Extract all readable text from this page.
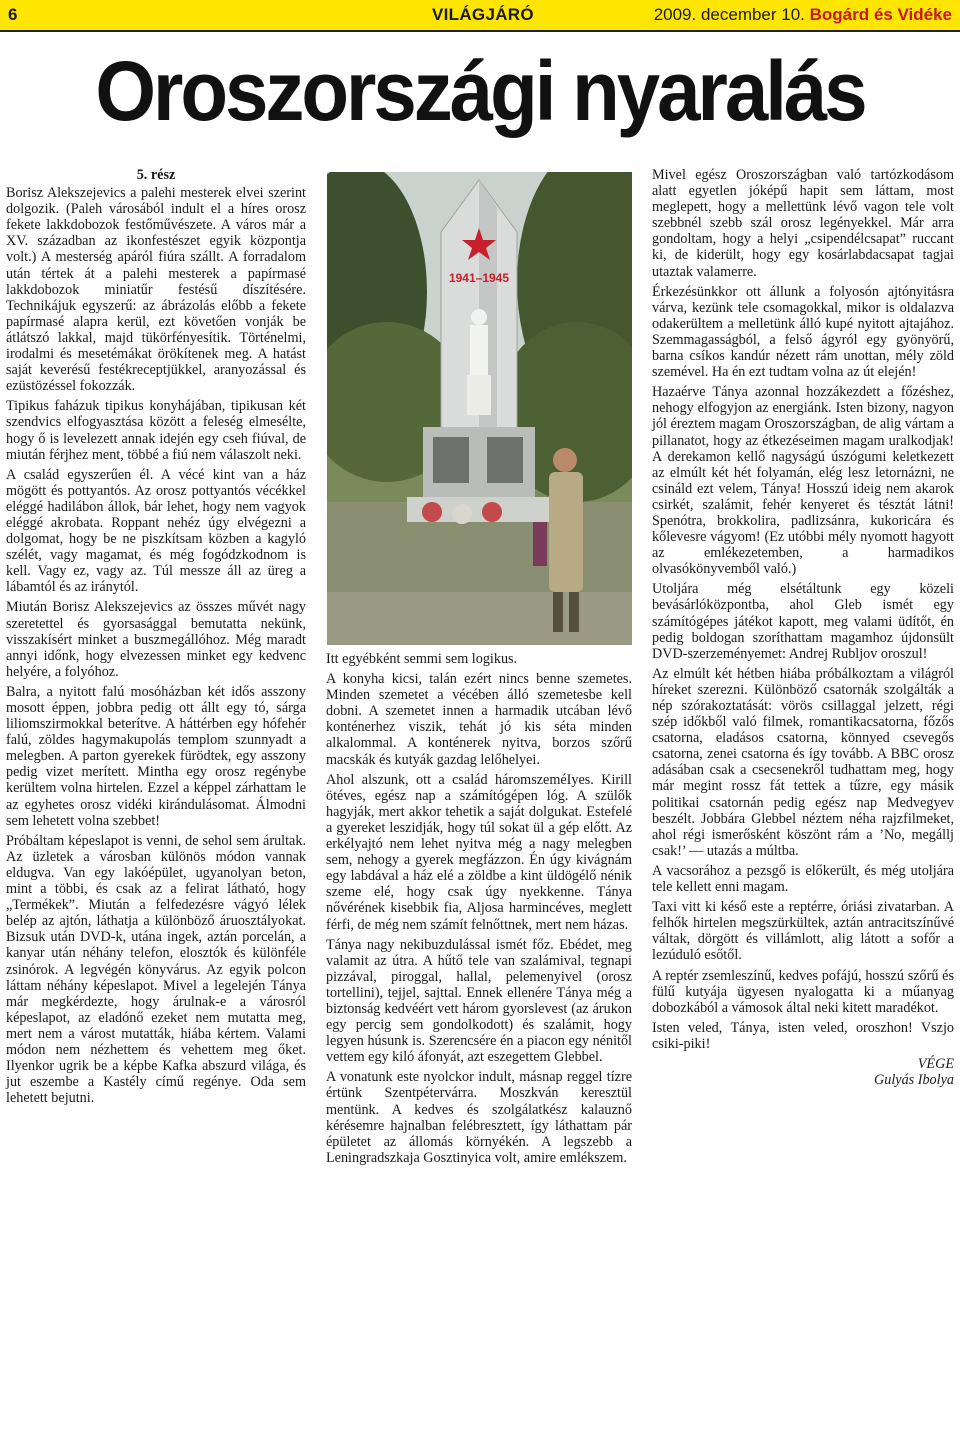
6	VILÁGJÁRÓ	2009. december 10. Bogárd és Vidéke
Oroszországi nyaralás
5. rész

Borisz Alekszejevics a palehi mesterek elvei szerint dolgozik. (Paleh városából indult el a híres orosz fekete lakkdobozok festőművészete. A város már a XV. században az ikonfestészet egyik központja volt.) A mesterség apáról fiúra szállt. A forradalom után tértek át a palehi mesterek a papírmasé lakkdobozok miniatűr festésű díszítésére. Technikájuk egyszerű: az ábrázolás előbb a fekete papírmasé alapra kerül, ezt követően vonják be átlátszó lakkal, majd tükörfényesítik. Történelmi, irodalmi és mesetémákat örökítenek meg. A hatást saját keverésű festékreceptjükkel, aranyozással és ezüstözéssel fokozzák.

Tipikus faházuk tipikus konyhájában, tipikusan két szendvics elfogyasztása között a feleség elmesélte, hogy ő is levelezett annak idején egy cseh fiúval, de miután férjhez ment, többé a fiú nem válaszolt neki.

A család egyszerűen él. A vécé kint van a ház mögött és pottyantós. Az orosz pottyantós vécékkel eléggé hadilábon állok, bár lehet, hogy nem vagyok eléggé akrobata. Roppant nehéz úgy elvégezni a dolgomat, hogy be ne piszkítsam közben a kagyló szélét, vagy magamat, és még fogódzkodnom is kell. Vagy ez, vagy az. Túl messze áll az üreg a lábamtól és az iránytól.

Miután Borisz Alekszejevics az összes művét nagy szeretettel és gyorsasággal bemutatta nekünk, visszakísért minket a buszmegállóhoz. Még maradt annyi időnk, hogy elvezessen minket egy kedvenc helyére, a folyóhoz.

Balra, a nyitott falú mosóházban két idős asszony mosott éppen, jobbra pedig ott állt egy tó, sárga liliomszirmokkal beterítve. A háttérben egy hófehér falú, zöldes hagymakupolás templom szunnyadt a melegben. A parton gyerekek fürödtek, egy asszony pedig vizet merített. Mintha egy orosz regénybe kerültem volna hirtelen. Ezzel a képpel zárhattam le az egyhetes orosz vidéki kirándulásomat. Álmodni sem lehetett volna szebbet!

Próbáltam képeslapot is venni, de sehol sem árultak. Az üzletek a városban különös módon vannak eldugva. Van egy lakóépület, ugyanolyan beton, mint a többi, és csak az a felirat látható, hogy „Termékek”. Miután a felfedezésre vágyó lélek belép az ajtón, láthatja a különböző áruosztályokat. Bizsuk után DVD-k, utána ingek, aztán porcelán, a kanyar után néhány telefon, elosztók és különféle zsinórok. A legvégén könyvárus. Az egyik polcon láttam néhány képeslapot. Mivel a legelején Tánya már megkérdezte, hogy árulnak-e a városról képeslapot, az eladónő ezeket nem mutatta meg, mert nem a várost mutatták, hiába kértem. Valami módon nem nézhettem és vehettem meg őket. Ilyenkor ugrik be a képbe Kafka abszurd világa, és jut eszembe a Kastély című regénye. Oda sem lehetett bejutni.

1941–1945

Itt egyébként semmi sem logikus.

A konyha kicsi, talán ezért nincs benne szemetes. Minden szemetet a vécében álló szemetesbe kell dobni. A szemetet innen a harmadik utcában lévő konténerhez viszik, tehát jó kis séta minden alkalommal. A konténerek nyitva, borzos szőrű macskák és kutyák gazdag lelőhelyei.

Ahol alszunk, ott a család háromszeméIyes. Kirill ötéves, egész nap a számítógépen lóg. A szülők hagyják, mert akkor tehetik a saját dolgukat. Estefelé a gyereket leszidják, hogy túl sokat ül a gép előtt. Az erkélyajtó nem lehet nyitva még a nagy melegben sem, nehogy a gyerek megfázzon. Én úgy kivágnám egy labdával a ház elé a zöldbe a kint üldögélő nénik szeme elé, hogy csak úgy nyekkenne. Tánya nővérének kisebbik fia, Aljosa harmincéves, meglett férfi, de még nem számít felnőttnek, mert nem házas.

Tánya nagy nekibuzdulással ismét főz. Ebédet, meg valamit az útra. A hűtő tele van szalámival, tegnapi pizzával, piroggal, hallal, pelemenyivel (orosz tortellini), tejjel, sajttal. Ennek ellenére Tánya még a biztonság kedvéért vett három gyorslevest (az árukon egy percig sem gondolkodott) és szalámit, hogy legyen húsunk is. Szerencsére én a piacon egy nénitől vettem egy kiló áfonyát, azt eszegettem Glebbel.

A vonatunk este nyolckor indult, másnap reggel tízre értünk Szentpétervárra. Moszkván keresztül mentünk. A kedves és szolgálatkész kalauznő kérésemre hajnalban felébresztett, így láthattam pár épületet az állomás környékén. A legszebb a Leningradszkaja Gosztinyica volt, amire emlékszem.

Mivel egész Oroszországban való tartózkodásom alatt egyetlen jóképű hapit sem láttam, most meglepett, hogy a mellettünk lévő vagon tele volt szebbnél szebb szál orosz legényekkel. Már arra gondoltam, hogy a helyi „csipendélcsapat” ruccant ki, de kiderült, hogy egy kosárlabdacsapat tagjai utaztak valamerre.

Érkezésünkkor ott állunk a folyosón ajtónyitásra várva, kezünk tele csomagokkal, mikor is oldalazva odakerültem a melletünk álló kupé nyitott ajtajához. Szemmagasságból, a felső ágyról egy gyönyörű, barna csíkos kandúr nézett rám unottan, mély zöld szemével. Ha én ezt tudtam volna az út elején!

Hazaérve Tánya azonnal hozzákezdett a főzéshez, nehogy elfogyjon az energiánk. Isten bizony, nagyon jól éreztem magam Oroszországban, de alig vártam a pillanatot, hogy az étkezéseimen magam uralkodjak! A derekamon kellő nagyságú úszógumi keletkezett az elmúlt két hét folyamán, elég lesz letornázni, ne csináld ezt velem, Tánya! Hosszú ideig nem akarok csirkét, szalámit, fehér kenyeret és tésztát látni! Spenótra, brokkolira, padlizsánra, kukoricára és kőlevesre vágyom! (Ez utóbbi mély nyomott hagyott az emlékezetemben, a harmadikos olvasókönyvemből való.)

Utoljára még elsétáltunk egy közeli bevásárlóközpontba, ahol Gleb ismét egy számítógépes játékot kapott, meg valami üdítőt, én pedig boldogan szoríthattam magamhoz újdonsült DVD-szerzeményemet: Andrej Rubljov oroszul!

Az elmúlt két hétben hiába próbálkoztam a világról híreket szerezni. Különböző csatornák szolgálták a nép szórakoztatását: vörös csillaggal jelzett, régi szép időkből való filmek, romantikacsatorna, főzős csatorna, eladásos csatorna, könnyed csevegős csatorna, zenei csatorna és így tovább. A BBC orosz adásában csak a csecsenekről tudhattam meg, hogy már megint rossz fát tettek a tűzre, egy másik politikai csatornán pedig egész nap Medvegyev beszélt. Jobbára Glebbel néztem néha rajzfilmeket, ahol régi ismerősként köszönt rám a ’No, megállj csak!’ — utazás a múltba.

A vacsorához a pezsgő is előkerült, és még utoljára tele kellett enni magam.

Taxi vitt ki késő este a reptérre, óriási zivatarban. A felhők hirtelen megszürkültek, aztán antracitszínűvé váltak, dörgött és villámlott, alig látott a sofőr a lezúduló esőtől.

A reptér zsemleszínű, kedves pofájú, hosszú szőrű és fülű kutyája ügyesen nyalogatta ki a műanyag dobozkából a vámosok által neki kitett maradékot.

Isten veled, Tánya, isten veled, oroszhon! Vszjo csiki-piki!

VÉGE
Gulyás Ibolya
